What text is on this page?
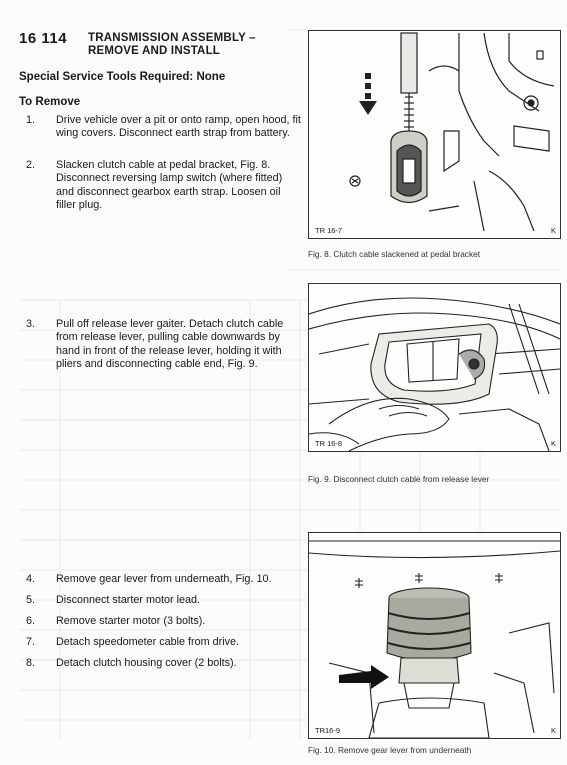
16 114 TRANSMISSION ASSEMBLY – REMOVE AND INSTALL
Special Service Tools Required: None
To Remove
1. Drive vehicle over a pit or onto ramp, open hood, fit wing covers. Disconnect earth strap from battery.
2. Slacken clutch cable at pedal bracket, Fig. 8. Disconnect reversing lamp switch (where fitted) and disconnect gearbox earth strap. Loosen oil filler plug.
3. Pull off release lever gaiter. Detach clutch cable from release lever, pulling cable downwards by hand in front of the release lever, holding it with pliers and disconnecting cable end, Fig. 9.
4. Remove gear lever from underneath, Fig. 10.
5. Disconnect starter motor lead.
6. Remove starter motor (3 bolts).
7. Detach speedometer cable from drive.
8. Detach clutch housing cover (2 bolts).
TR 16-7	K
Fig. 8. Clutch cable slackened at pedal bracket
TR 16-8	K
Fig. 9. Disconnect clutch cable from release lever
TR16-9	K
Fig. 10. Remove gear lever from underneath
